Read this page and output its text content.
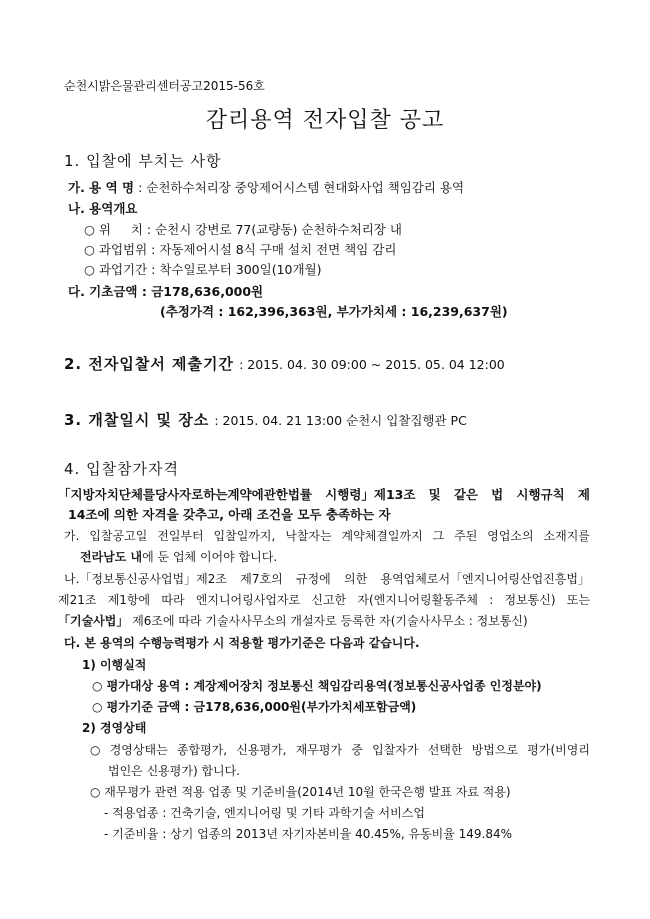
순천시밝은물관리센터공고2015-56호
감리용역 전자입찰 공고
1. 입찰에 부치는 사항
가. 용 역 명 : 순천하수처리장 중앙제어시스템 현대화사업 책임감리 용역
나. 용역개요
○ 위     치 : 순천시 강변로 77(교량동) 순천하수처리장 내
○ 과업범위 : 자동제어시설 8식 구매 설치 전면 책임 감리
○ 과업기간 : 착수일로부터 300일(10개월)
다. 기초금액 : 금178,636,000원
(추정가격 : 162,396,363원, 부가가치세 : 16,239,637원)
2. 전자입찰서 제출기간 : 2015. 04. 30 09:00 ~ 2015. 05. 04 12:00
3. 개찰일시 및 장소 : 2015. 04. 21 13:00 순천시 입찰집행관 PC
4. 입찰참가자격
「지방자치단체를당사자로하는계약에관한법률 시행령」제13조 및 같은 법 시행규칙 제
14조에 의한 자격을 갖추고, 아래 조건을 모두 충족하는 자
가. 입찰공고일 전일부터 입찰일까지, 낙찰자는 계약체결일까지 그 주된 영업소의 소재지를
전라남도 내에 둔 업체 이어야 합니다.
나.「정보통신공사업법」제2조 제7호의 규정에 의한 용역업체로서「엔지니어링산업진흥법」
제21조 제1항에 따라 엔지니어링사업자로 신고한 자(엔지니어링활동주체 : 정보통신) 또는
「기술사법」 제6조에 따라 기술사사무소의 개설자로 등록한 자(기술사사무소 : 정보통신)
다. 본 용역의 수행능력평가 시 적용할 평가기준은 다음과 같습니다.
1) 이행실적
○ 평가대상 용역 : 계장제어장치 정보통신 책임감리용역(정보통신공사업종 인정분야)
○ 평가기준 금액 : 금178,636,000원(부가가치세포함금액)
2) 경영상태
○ 경영상태는 종합평가, 신용평가, 재무평가 중 입찰자가 선택한 방법으로 평가(비영리
법인은 신용평가) 합니다.
○ 재무평가 관련 적용 업종 및 기준비율(2014년 10월 한국은행 발표 자료 적용)
- 적용업종 : 건축기술, 엔지니어링 및 기타 과학기술 서비스업
- 기준비율 : 상기 업종의 2013년 자기자본비율 40.45%, 유동비율 149.84%
